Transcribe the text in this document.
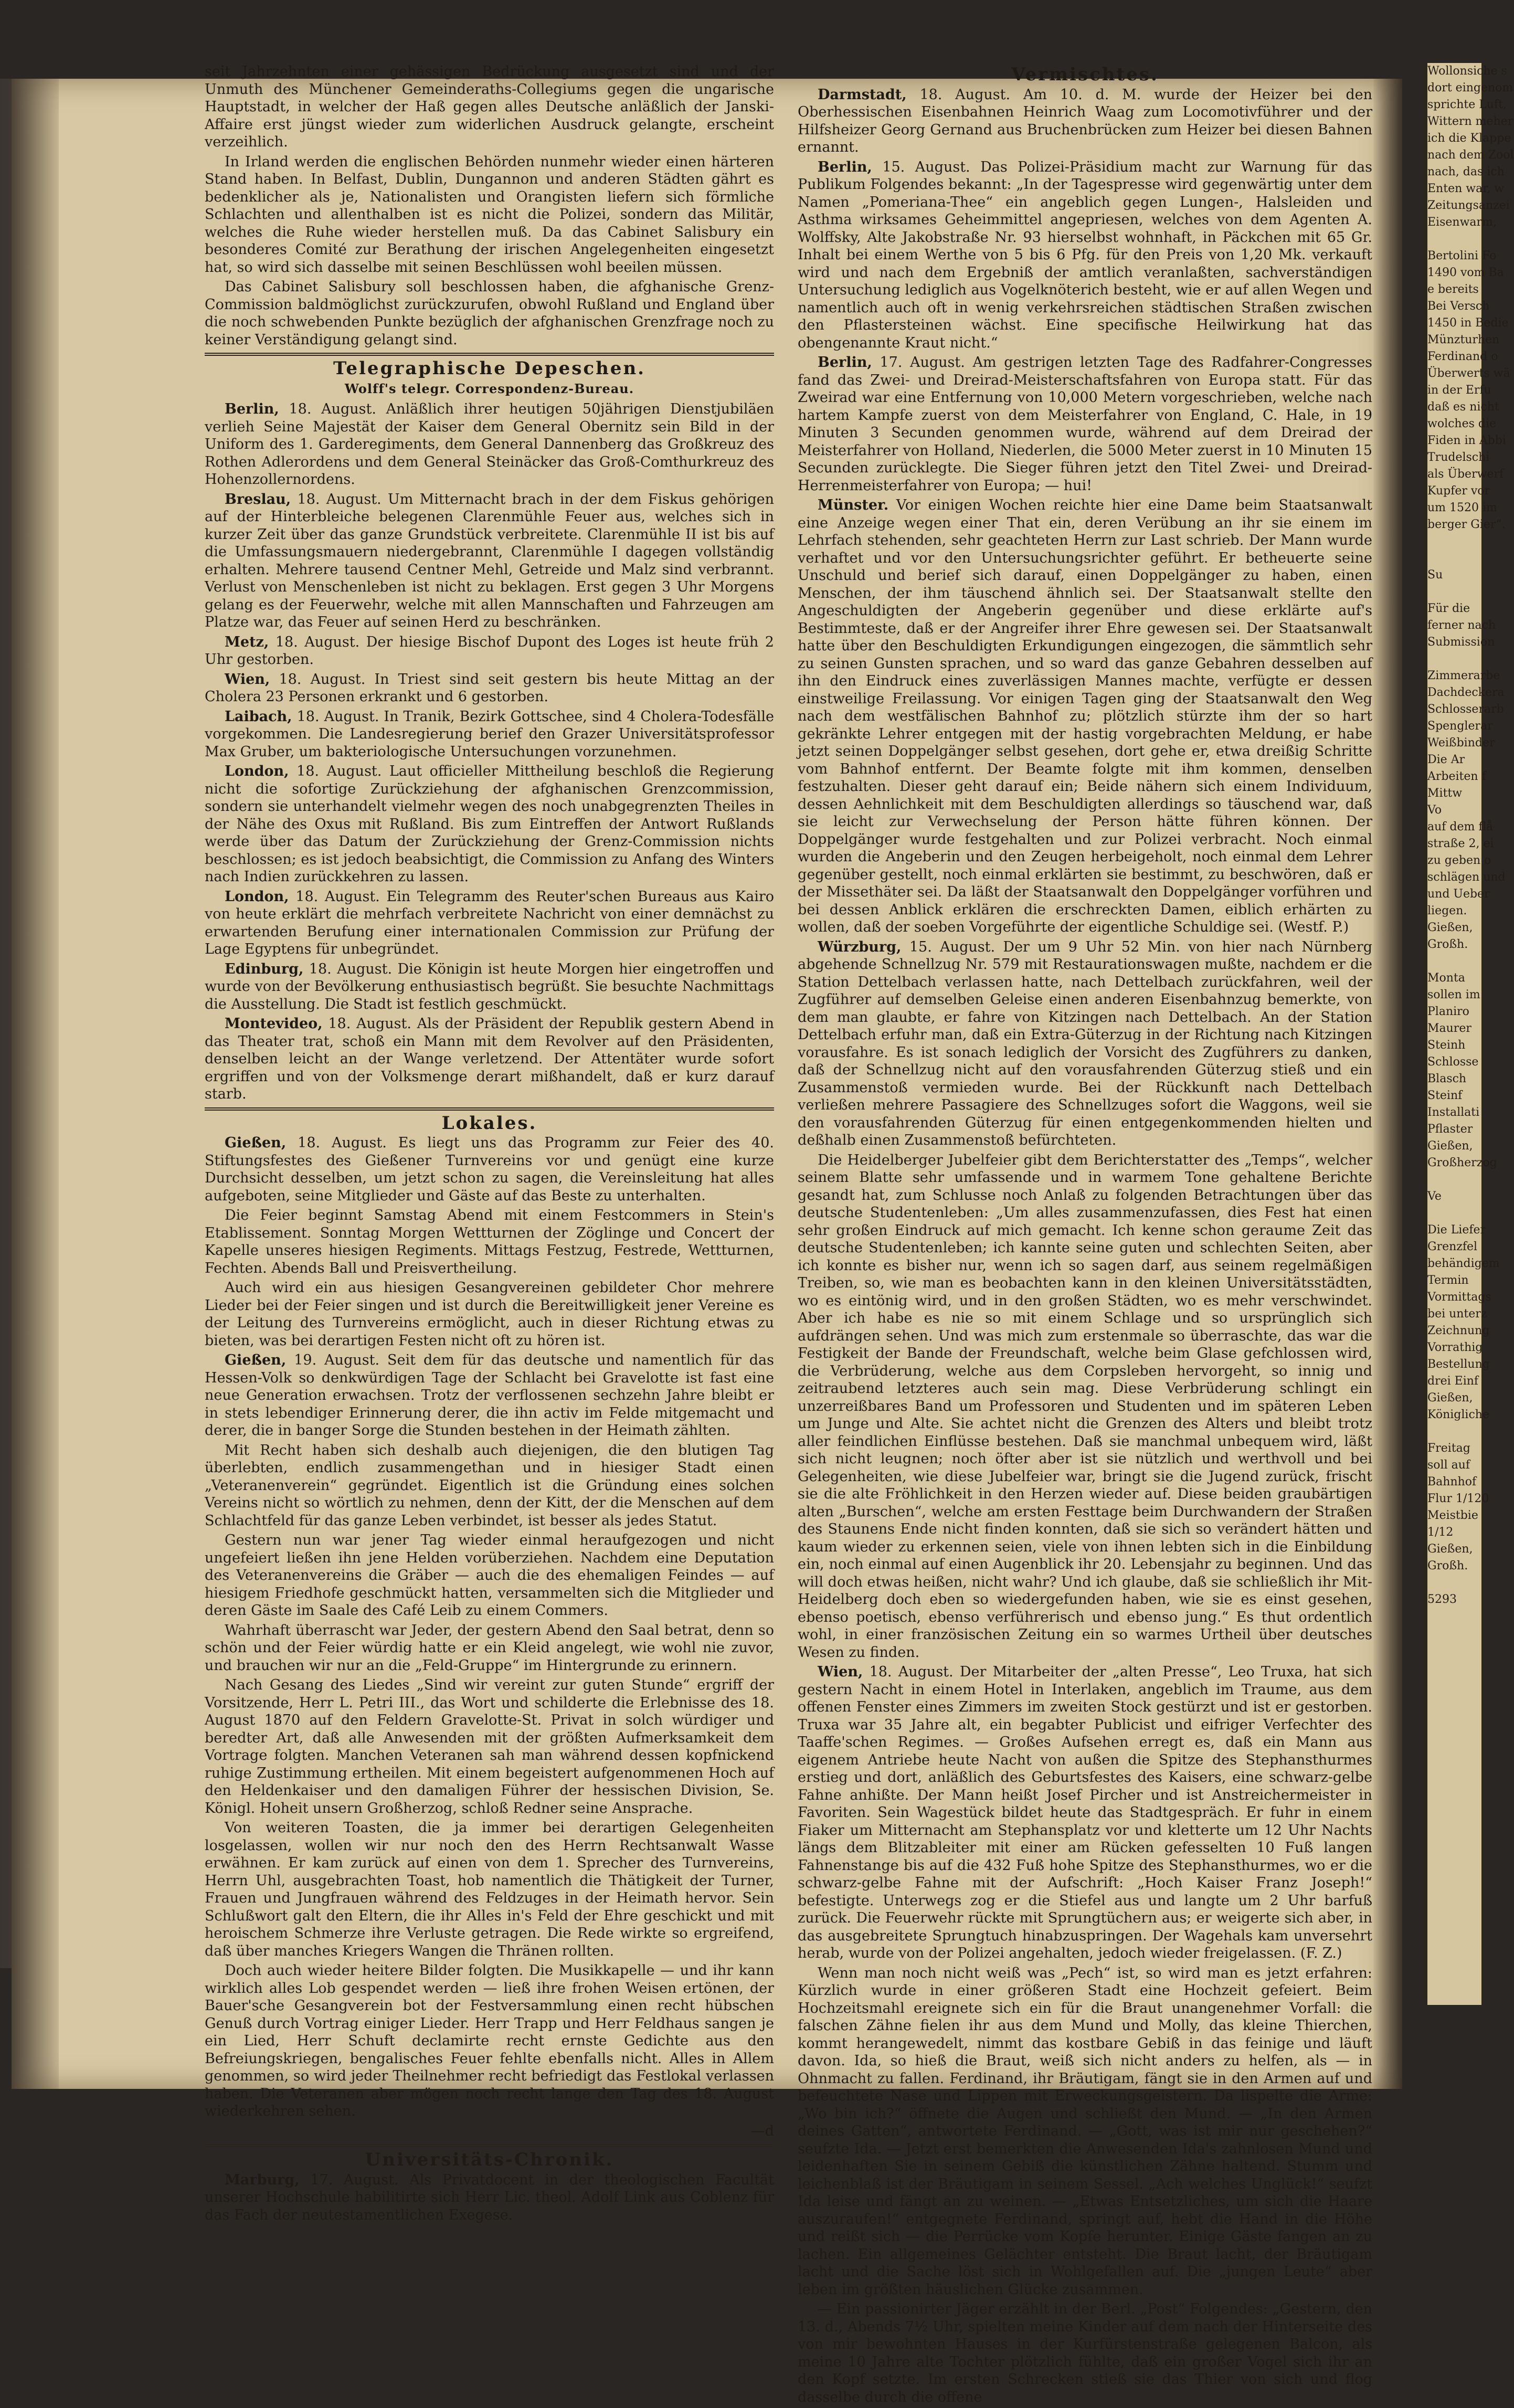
seit Jahrzehnten einer gehässigen Bedrückung ausgesetzt sind und der Unmuth des Münchener Gemeinderaths-Collegiums gegen die ungarische Hauptstadt, in welcher der Haß gegen alles Deutsche anläßlich der Janski-Affaire erst jüngst wieder zum widerlichen Ausdruck gelangte, erscheint verzeihlich.

In Irland werden die englischen Behörden nunmehr wieder einen härteren Stand haben. In Belfast, Dublin, Dungannon und anderen Städten gährt es bedenklicher als je, Nationalisten und Orangisten liefern sich förmliche Schlachten und allenthalben ist es nicht die Polizei, sondern das Militär, welches die Ruhe wieder herstellen muß. Da das Cabinet Salisbury ein besonderes Comité zur Berathung der irischen Angelegenheiten eingesetzt hat, so wird sich dasselbe mit seinen Beschlüssen wohl beeilen müssen.

Das Cabinet Salisbury soll beschlossen haben, die afghanische Grenz-Commission baldmöglichst zurückzurufen, obwohl Rußland und England über die noch schwebenden Punkte bezüglich der afghanischen Grenzfrage noch zu keiner Verständigung gelangt sind.

Telegraphische Depeschen.
Wolff's telegr. Correspondenz-Bureau.

Berlin, 18. August. Anläßlich ihrer heutigen 50jährigen Dienstjubiläen verlieh Seine Majestät der Kaiser dem General Obernitz sein Bild in der Uniform des 1. Garderegiments, dem General Dannenberg das Großkreuz des Rothen Adlerordens und dem General Steinäcker das Groß-Comthurkreuz des Hohenzollernordens.

Breslau, 18. August. Um Mitternacht brach in der dem Fiskus gehörigen auf der Hinterbleiche belegenen Clarenmühle Feuer aus, welches sich in kurzer Zeit über das ganze Grundstück verbreitete. Clarenmühle II ist bis auf die Umfassungsmauern niedergebrannt, Clarenmühle I dagegen vollständig erhalten. Mehrere tausend Centner Mehl, Getreide und Malz sind verbrannt. Verlust von Menschenleben ist nicht zu beklagen. Erst gegen 3 Uhr Morgens gelang es der Feuerwehr, welche mit allen Mannschaften und Fahrzeugen am Platze war, das Feuer auf seinen Herd zu beschränken.

Metz, 18. August. Der hiesige Bischof Dupont des Loges ist heute früh 2 Uhr gestorben.

Wien, 18. August. In Triest sind seit gestern bis heute Mittag an der Cholera 23 Personen erkrankt und 6 gestorben.

Laibach, 18. August. In Tranik, Bezirk Gottschee, sind 4 Cholera-Todesfälle vorgekommen. Die Landesregierung berief den Grazer Universitätsprofessor Max Gruber, um bakteriologische Untersuchungen vorzunehmen.

London, 18. August. Laut officieller Mittheilung beschloß die Regierung nicht die sofortige Zurückziehung der afghanischen Grenzcommission, sondern sie unterhandelt vielmehr wegen des noch unabgegrenzten Theiles in der Nähe des Oxus mit Rußland. Bis zum Eintreffen der Antwort Rußlands werde über das Datum der Zurückziehung der Grenz-Commission nichts beschlossen; es ist jedoch beabsichtigt, die Commission zu Anfang des Winters nach Indien zurückkehren zu lassen.

London, 18. August. Ein Telegramm des Reuter'schen Bureaus aus Kairo von heute erklärt die mehrfach verbreitete Nachricht von einer demnächst zu erwartenden Berufung einer internationalen Commission zur Prüfung der Lage Egyptens für unbegründet.

Edinburg, 18. August. Die Königin ist heute Morgen hier eingetroffen und wurde von der Bevölkerung enthusiastisch begrüßt. Sie besuchte Nachmittags die Ausstellung. Die Stadt ist festlich geschmückt.

Montevideo, 18. August. Als der Präsident der Republik gestern Abend in das Theater trat, schoß ein Mann mit dem Revolver auf den Präsidenten, denselben leicht an der Wange verletzend. Der Attentäter wurde sofort ergriffen und von der Volksmenge derart mißhandelt, daß er kurz darauf starb.

Lokales.

Gießen, 18. August. Es liegt uns das Programm zur Feier des 40. Stiftungsfestes des Gießener Turnvereins vor und genügt eine kurze Durchsicht desselben, um jetzt schon zu sagen, die Vereinsleitung hat alles aufgeboten, seine Mitglieder und Gäste auf das Beste zu unterhalten.

Die Feier beginnt Samstag Abend mit einem Festcommers in Stein's Etablissement. Sonntag Morgen Wettturnen der Zöglinge und Concert der Kapelle unseres hiesigen Regiments. Mittags Festzug, Festrede, Wettturnen, Fechten. Abends Ball und Preisvertheilung.

Auch wird ein aus hiesigen Gesangvereinen gebildeter Chor mehrere Lieder bei der Feier singen und ist durch die Bereitwilligkeit jener Vereine es der Leitung des Turnvereins ermöglicht, auch in dieser Richtung etwas zu bieten, was bei derartigen Festen nicht oft zu hören ist.

Gießen, 19. August. Seit dem für das deutsche und namentlich für das Hessen-Volk so denkwürdigen Tage der Schlacht bei Gravelotte ist fast eine neue Generation erwachsen. Trotz der verflossenen sechzehn Jahre bleibt er in stets lebendiger Erinnerung derer, die ihn activ im Felde mitgemacht und derer, die in banger Sorge die Stunden bestehen in der Heimath zählten.

Mit Recht haben sich deshalb auch diejenigen, die den blutigen Tag überlebten, endlich zusammengethan und in hiesiger Stadt einen „Veteranenverein“ gegründet. Eigentlich ist die Gründung eines solchen Vereins nicht so wörtlich zu nehmen, denn der Kitt, der die Menschen auf dem Schlachtfeld für das ganze Leben verbindet, ist besser als jedes Statut.

Gestern nun war jener Tag wieder einmal heraufgezogen und nicht ungefeiert ließen ihn jene Helden vorüberziehen. Nachdem eine Deputation des Veteranenvereins die Gräber — auch die des ehemaligen Feindes — auf hiesigem Friedhofe geschmückt hatten, versammelten sich die Mitglieder und deren Gäste im Saale des Café Leib zu einem Commers.

Wahrhaft überrascht war Jeder, der gestern Abend den Saal betrat, denn so schön und der Feier würdig hatte er ein Kleid angelegt, wie wohl nie zuvor, und brauchen wir nur an die „Feld-Gruppe“ im Hintergrunde zu erinnern.

Nach Gesang des Liedes „Sind wir vereint zur guten Stunde“ ergriff der Vorsitzende, Herr L. Petri III., das Wort und schilderte die Erlebnisse des 18. August 1870 auf den Feldern Gravelotte-St. Privat in solch würdiger und beredter Art, daß alle Anwesenden mit der größten Aufmerksamkeit dem Vortrage folgten. Manchen Veteranen sah man während dessen kopfnickend ruhige Zustimmung ertheilen. Mit einem begeistert aufgenommenen Hoch auf den Heldenkaiser und den damaligen Führer der hessischen Division, Se. Königl. Hoheit unsern Großherzog, schloß Redner seine Ansprache.

Von weiteren Toasten, die ja immer bei derartigen Gelegenheiten losgelassen, wollen wir nur noch den des Herrn Rechtsanwalt Wasse erwähnen. Er kam zurück auf einen von dem 1. Sprecher des Turnvereins, Herrn Uhl, ausgebrachten Toast, hob namentlich die Thätigkeit der Turner, Frauen und Jungfrauen während des Feldzuges in der Heimath hervor. Sein Schlußwort galt den Eltern, die ihr Alles in's Feld der Ehre geschickt und mit heroischem Schmerze ihre Verluste getragen. Die Rede wirkte so ergreifend, daß über manches Kriegers Wangen die Thränen rollten.

Doch auch wieder heitere Bilder folgten. Die Musikkapelle — und ihr kann wirklich alles Lob gespendet werden — ließ ihre frohen Weisen ertönen, der Bauer'sche Gesangverein bot der Festversammlung einen recht hübschen Genuß durch Vortrag einiger Lieder. Herr Trapp und Herr Feldhaus sangen je ein Lied, Herr Schuft declamirte recht ernste Gedichte aus den Befreiungskriegen, bengalisches Feuer fehlte ebenfalls nicht. Alles in Allem genommen, so wird jeder Theilnehmer recht befriedigt das Festlokal verlassen haben. Die Veteranen aber mögen noch recht lange den Tag des 18. August wiederkehren sehen.

—d
Universitäts-Chronik.

Marburg, 17. August. Als Privatdocent in der theologischen Facultät unserer Hochschule habilitirte sich Herr Lic. theol. Adolf Link aus Coblenz für das Fach der neutestamentlichen Exegese.

Vermischtes.

Darmstadt, 18. August. Am 10. d. M. wurde der Heizer bei den Oberhessischen Eisenbahnen Heinrich Waag zum Locomotivführer und der Hilfsheizer Georg Gernand aus Bruchenbrücken zum Heizer bei diesen Bahnen ernannt.

Berlin, 15. August. Das Polizei-Präsidium macht zur Warnung für das Publikum Folgendes bekannt: „In der Tagespresse wird gegenwärtig unter dem Namen „Pomeriana-Thee“ ein angeblich gegen Lungen-, Halsleiden und Asthma wirksames Geheimmittel angepriesen, welches von dem Agenten A. Wolffsky, Alte Jakobstraße Nr. 93 hierselbst wohnhaft, in Päckchen mit 65 Gr. Inhalt bei einem Werthe von 5 bis 6 Pfg. für den Preis von 1,20 Mk. verkauft wird und nach dem Ergebniß der amtlich veranlaßten, sachverständigen Untersuchung lediglich aus Vogelknöterich besteht, wie er auf allen Wegen und namentlich auch oft in wenig verkehrsreichen städtischen Straßen zwischen den Pflastersteinen wächst. Eine specifische Heilwirkung hat das obengenannte Kraut nicht.“

Berlin, 17. August. Am gestrigen letzten Tage des Radfahrer-Congresses fand das Zwei- und Dreirad-Meisterschaftsfahren von Europa statt. Für das Zweirad war eine Entfernung von 10,000 Metern vorgeschrieben, welche nach hartem Kampfe zuerst von dem Meisterfahrer von England, C. Hale, in 19 Minuten 3 Secunden genommen wurde, während auf dem Dreirad der Meisterfahrer von Holland, Niederlen, die 5000 Meter zuerst in 10 Minuten 15 Secunden zurücklegte. Die Sieger führen jetzt den Titel Zwei- und Dreirad-Herrenmeisterfahrer von Europa; — hui!

Münster. Vor einigen Wochen reichte hier eine Dame beim Staatsanwalt eine Anzeige wegen einer That ein, deren Verübung an ihr sie einem im Lehrfach stehenden, sehr geachteten Herrn zur Last schrieb. Der Mann wurde verhaftet und vor den Untersuchungsrichter geführt. Er betheuerte seine Unschuld und berief sich darauf, einen Doppelgänger zu haben, einen Menschen, der ihm täuschend ähnlich sei. Der Staatsanwalt stellte den Angeschuldigten der Angeberin gegenüber und diese erklärte auf's Bestimmteste, daß er der Angreifer ihrer Ehre gewesen sei. Der Staatsanwalt hatte über den Beschuldigten Erkundigungen eingezogen, die sämmtlich sehr zu seinen Gunsten sprachen, und so ward das ganze Gebahren desselben auf ihn den Eindruck eines zuverlässigen Mannes machte, verfügte er dessen einstweilige Freilassung. Vor einigen Tagen ging der Staatsanwalt den Weg nach dem westfälischen Bahnhof zu; plötzlich stürzte ihm der so hart gekränkte Lehrer entgegen mit der hastig vorgebrachten Meldung, er habe jetzt seinen Doppelgänger selbst gesehen, dort gehe er, etwa dreißig Schritte vom Bahnhof entfernt. Der Beamte folgte mit ihm kommen, denselben festzuhalten. Dieser geht darauf ein; Beide nähern sich einem Individuum, dessen Aehnlichkeit mit dem Beschuldigten allerdings so täuschend war, daß sie leicht zur Verwechselung der Person hätte führen können. Der Doppelgänger wurde festgehalten und zur Polizei verbracht. Noch einmal wurden die Angeberin und den Zeugen herbeigeholt, noch einmal dem Lehrer gegenüber gestellt, noch einmal erklärten sie bestimmt, zu beschwören, daß er der Missethäter sei. Da läßt der Staatsanwalt den Doppelgänger vorführen und bei dessen Anblick erklären die erschreckten Damen, eiblich erhärten zu wollen, daß der soeben Vorgeführte der eigentliche Schuldige sei. (Westf. P.)

Würzburg, 15. August. Der um 9 Uhr 52 Min. von hier nach Nürnberg abgehende Schnellzug Nr. 579 mit Restaurationswagen mußte, nachdem er die Station Dettelbach verlassen hatte, nach Dettelbach zurückfahren, weil der Zugführer auf demselben Geleise einen anderen Eisenbahnzug bemerkte, von dem man glaubte, er fahre von Kitzingen nach Dettelbach. An der Station Dettelbach erfuhr man, daß ein Extra-Güterzug in der Richtung nach Kitzingen vorausfahre. Es ist sonach lediglich der Vorsicht des Zugführers zu danken, daß der Schnellzug nicht auf den vorausfahrenden Güterzug stieß und ein Zusammenstoß vermieden wurde. Bei der Rückkunft nach Dettelbach verließen mehrere Passagiere des Schnellzuges sofort die Waggons, weil sie den vorausfahrenden Güterzug für einen entgegenkommenden hielten und deßhalb einen Zusammenstoß befürchteten.

Die Heidelberger Jubelfeier gibt dem Berichterstatter des „Temps“, welcher seinem Blatte sehr umfassende und in warmem Tone gehaltene Berichte gesandt hat, zum Schlusse noch Anlaß zu folgenden Betrachtungen über das deutsche Studentenleben: „Um alles zusammenzufassen, dies Fest hat einen sehr großen Eindruck auf mich gemacht. Ich kenne schon geraume Zeit das deutsche Studentenleben; ich kannte seine guten und schlechten Seiten, aber ich konnte es bisher nur, wenn ich so sagen darf, aus seinem regelmäßigen Treiben, so, wie man es beobachten kann in den kleinen Universitätsstädten, wo es eintönig wird, und in den großen Städten, wo es mehr verschwindet. Aber ich habe es nie so mit einem Schlage und so ursprünglich sich aufdrängen sehen. Und was mich zum erstenmale so überraschte, das war die Festigkeit der Bande der Freundschaft, welche beim Glase gefchlossen wird, die Verbrüderung, welche aus dem Corpsleben hervorgeht, so innig und zeitraubend letzteres auch sein mag. Diese Verbrüderung schlingt ein unzerreißbares Band um Professoren und Studenten und im späteren Leben um Junge und Alte. Sie achtet nicht die Grenzen des Alters und bleibt trotz aller feindlichen Einflüsse bestehen. Daß sie manchmal unbequem wird, läßt sich nicht leugnen; noch öfter aber ist sie nützlich und werthvoll und bei Gelegenheiten, wie diese Jubelfeier war, bringt sie die Jugend zurück, frischt sie die alte Fröhlichkeit in den Herzen wieder auf. Diese beiden graubärtigen alten „Burschen“, welche am ersten Festtage beim Durchwandern der Straßen des Staunens Ende nicht finden konnten, daß sie sich so verändert hätten und kaum wieder zu erkennen seien, viele von ihnen lebten sich in die Einbildung ein, noch einmal auf einen Augenblick ihr 20. Lebensjahr zu beginnen. Und das will doch etwas heißen, nicht wahr? Und ich glaube, daß sie schließlich ihr Mit-Heidelberg doch eben so wiedergefunden haben, wie sie es einst gesehen, ebenso poetisch, ebenso verführerisch und ebenso jung.“ Es thut ordentlich wohl, in einer französischen Zeitung ein so warmes Urtheil über deutsches Wesen zu finden.

Wien, 18. August. Der Mitarbeiter der „alten Presse“, Leo Truxa, hat sich gestern Nacht in einem Hotel in Interlaken, angeblich im Traume, aus dem offenen Fenster eines Zimmers im zweiten Stock gestürzt und ist er gestorben. Truxa war 35 Jahre alt, ein begabter Publicist und eifriger Verfechter des Taaffe'schen Regimes. — Großes Aufsehen erregt es, daß ein Mann aus eigenem Antriebe heute Nacht von außen die Spitze des Stephansthurmes erstieg und dort, anläßlich des Geburtsfestes des Kaisers, eine schwarz-gelbe Fahne anhißte. Der Mann heißt Josef Pircher und ist Anstreichermeister in Favoriten. Sein Wagestück bildet heute das Stadtgespräch. Er fuhr in einem Fiaker um Mitternacht am Stephansplatz vor und kletterte um 12 Uhr Nachts längs dem Blitzableiter mit einer am Rücken gefesselten 10 Fuß langen Fahnenstange bis auf die 432 Fuß hohe Spitze des Stephansthurmes, wo er die schwarz-gelbe Fahne mit der Aufschrift: „Hoch Kaiser Franz Joseph!“ befestigte. Unterwegs zog er die Stiefel aus und langte um 2 Uhr barfuß zurück. Die Feuerwehr rückte mit Sprungtüchern aus; er weigerte sich aber, in das ausgebreitete Sprungtuch hinabzuspringen. Der Wagehals kam unversehrt herab, wurde von der Polizei angehalten, jedoch wieder freigelassen. (F. Z.)

Wenn man noch nicht weiß was „Pech“ ist, so wird man es jetzt erfahren: Kürzlich wurde in einer größeren Stadt eine Hochzeit gefeiert. Beim Hochzeitsmahl ereignete sich ein für die Braut unangenehmer Vorfall: die falschen Zähne fielen ihr aus dem Mund und Molly, das kleine Thierchen, kommt herangewedelt, nimmt das kostbare Gebiß in das feinige und läuft davon. Ida, so hieß die Braut, weiß sich nicht anders zu helfen, als — in Ohnmacht zu fallen. Ferdinand, ihr Bräutigam, fängt sie in den Armen auf und befeuchtete Nase und Lippen mit Erweckungsgeistern. Da lispelte die Arme: „Wo bin ich?“ öffnete die Augen und schließt den Mund. — „In den Armen deines Gatten“, antwortete Ferdinand. — „Gott, was ist mir nur geschehen?“ seufzte Ida. — Jetzt erst bemerkten die Anwesenden Ida's zahnlosen Mund und leidenhaften Sie in seinem Gebiß die künstlichen Zähne haltend. Stumm und leichenblaß ist der Bräutigam in seinem Sessel. „Ach welches Unglück!“ seufzt Ida leise und fängt an zu weinen. — „Etwas Entsetzliches, um sich die Haare auszuraufen!“ entgegnete Ferdinand, springt auf, hebt die Hand in die Höhe und reißt sich — die Perrücke vom Kopfe herunter. Einige Gäste fangen an zu lachen. Ein allgemeines Gelächter entsteht. Die Braut lacht, der Bräutigam lacht und die Sache löst sich in Wohlgefallen auf. Die „jungen Leute“ aber leben im größten häuslichen Glücke zusammen.

— Ein passionirter Jäger erzählt in der Berl. „Post“ Folgendes: „Gestern, den 13. d., Abends 7½ Uhr, spielten meine Kinder auf dem nach der Hinterseite des von mir bewohnten Hauses in der Kurfürstenstraße gelegenen Balcon, als meine 10 Jahre alte Tochter plötzlich fühlte, daß ein großer Vogel sich ihr an den Kopf setzte. Im ersten Schrecken stieß sie das Thier von sich und flog dasselbe durch die offene

Wollonsiche s
dort eingenom
sprichte Luft,
Wittern meher
ich die Klappe
nach dem Zool
nach, das ich
Enten war, w
Zeitungsanzei
Eisenwarm,

Bertolini Fo
1490 vom Ba
e bereits
Bei Versch
1450 in Bedie
Münzturhen
Ferdinand o
Überwerts wä
in der Erfu
daß es nicht
wolches die
Fiden in Abbi
Trudelschi
als Überwerf
Kupfer vor
um 1520 im
berger Gier“.

Su

Für die
ferner nach
Submission

Zimmerarbe
Dachdeckera
Schlosserarb
Spenglerar
Weißbinder
Die Ar
Arbeiten f
Mittw
Vo
auf dem flå
straße 2, ei
zu geben o
schlägen und
und Ueber
liegen.
Gießen,
Großh.

Monta
sollen im
Planiro
Maurer
Steinh
Schlosse
Blasch
Steinf
Installati
Pflaster
Gießen,
Großherzog

Ve

Die Liefer
Grenzfel
behändigem
Termin
Vormittags
bei unterz
Zeichnung
Vorrathig
Bestellung
drei Einf
Gießen,
Königliche

Freitag
soll auf
Bahnhof
Flur 1/120
Meistbie
1/12
Gießen,
Großh.

5293
